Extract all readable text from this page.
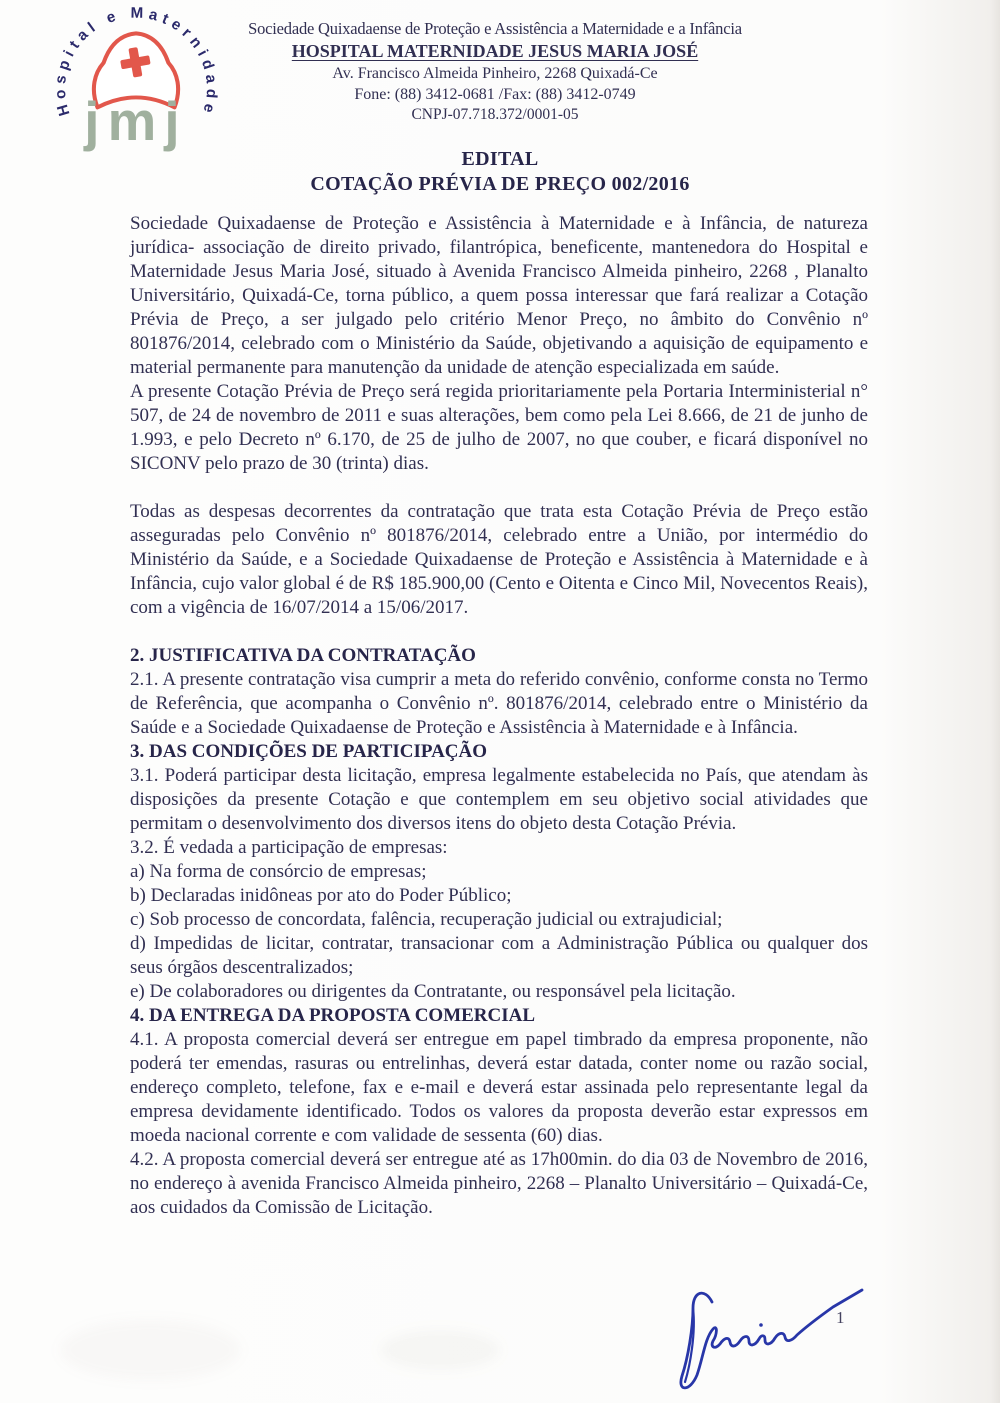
Hospital e Maternidade
jmj
Sociedade Quixadaense de Proteção e Assistência a Maternidade e a Infância
HOSPITAL MATERNIDADE JESUS MARIA JOSÉ
Av. Francisco Almeida Pinheiro, 2268 Quixadá-Ce
Fone: (88) 3412-0681 /Fax: (88) 3412-0749
CNPJ-07.718.372/0001-05
EDITAL
COTAÇÃO PRÉVIA DE PREÇO 002/2016

Sociedade Quixadaense de Proteção e Assistência à Maternidade e à Infância, de natureza jurídica- associação de direito privado, filantrópica, beneficente, mantenedora do Hospital e Maternidade Jesus Maria José, situado à Avenida Francisco Almeida pinheiro, 2268 , Planalto Universitário, Quixadá-Ce, torna público, a quem possa interessar que fará realizar a Cotação Prévia de Preço, a ser julgado pelo critério Menor Preço, no âmbito do Convênio nº 801876/2014, celebrado com o Ministério da Saúde, objetivando a aquisição de equipamento e material permanente para manutenção da unidade de atenção especializada em saúde.

A presente Cotação Prévia de Preço será regida prioritariamente pela Portaria Interministerial n° 507, de 24 de novembro de 2011 e suas alterações, bem como pela Lei 8.666, de 21 de junho de 1.993, e pelo Decreto nº 6.170, de 25 de julho de 2007, no que couber, e ficará disponível no SICONV pelo prazo de 30 (trinta) dias.

Todas as despesas decorrentes da contratação que trata esta Cotação Prévia de Preço estão asseguradas pelo Convênio nº 801876/2014, celebrado entre a União, por intermédio do Ministério da Saúde, e a Sociedade Quixadaense de Proteção e Assistência à Maternidade e à Infância, cujo valor global é de R$ 185.900,00 (Cento e Oitenta e Cinco Mil, Novecentos Reais), com a vigência de 16/07/2014 a 15/06/2017.

2. JUSTIFICATIVA DA CONTRATAÇÃO

2.1. A presente contratação visa cumprir a meta do referido convênio, conforme consta no Termo de Referência, que acompanha o Convênio nº. 801876/2014, celebrado entre o Ministério da Saúde e a Sociedade Quixadaense de Proteção e Assistência à Maternidade e à Infância.

3. DAS CONDIÇÕES DE PARTICIPAÇÃO

3.1. Poderá participar desta licitação, empresa legalmente estabelecida no País, que atendam às disposições da presente Cotação e que contemplem em seu objetivo social atividades que permitam o desenvolvimento dos diversos itens do objeto desta Cotação Prévia.

3.2. É vedada a participação de empresas:

a) Na forma de consórcio de empresas;

b) Declaradas inidôneas por ato do Poder Público;

c) Sob processo de concordata, falência, recuperação judicial ou extrajudicial;

d) Impedidas de licitar, contratar, transacionar com a Administração Pública ou qualquer dos seus órgãos descentralizados;

e) De colaboradores ou dirigentes da Contratante, ou responsável pela licitação.

4. DA ENTREGA DA PROPOSTA COMERCIAL

4.1. A proposta comercial deverá ser entregue em papel timbrado da empresa proponente, não poderá ter emendas, rasuras ou entrelinhas, deverá estar datada, conter nome ou razão social, endereço completo, telefone, fax e e-mail e deverá estar assinada pelo representante legal da empresa devidamente identificado. Todos os valores da proposta deverão estar expressos em moeda nacional corrente e com validade de sessenta (60) dias.

4.2. A proposta comercial deverá ser entregue até as 17h00min. do dia 03 de Novembro de 2016, no endereço à avenida Francisco Almeida pinheiro, 2268 – Planalto Universitário – Quixadá-Ce, aos cuidados da Comissão de Licitação.

1
